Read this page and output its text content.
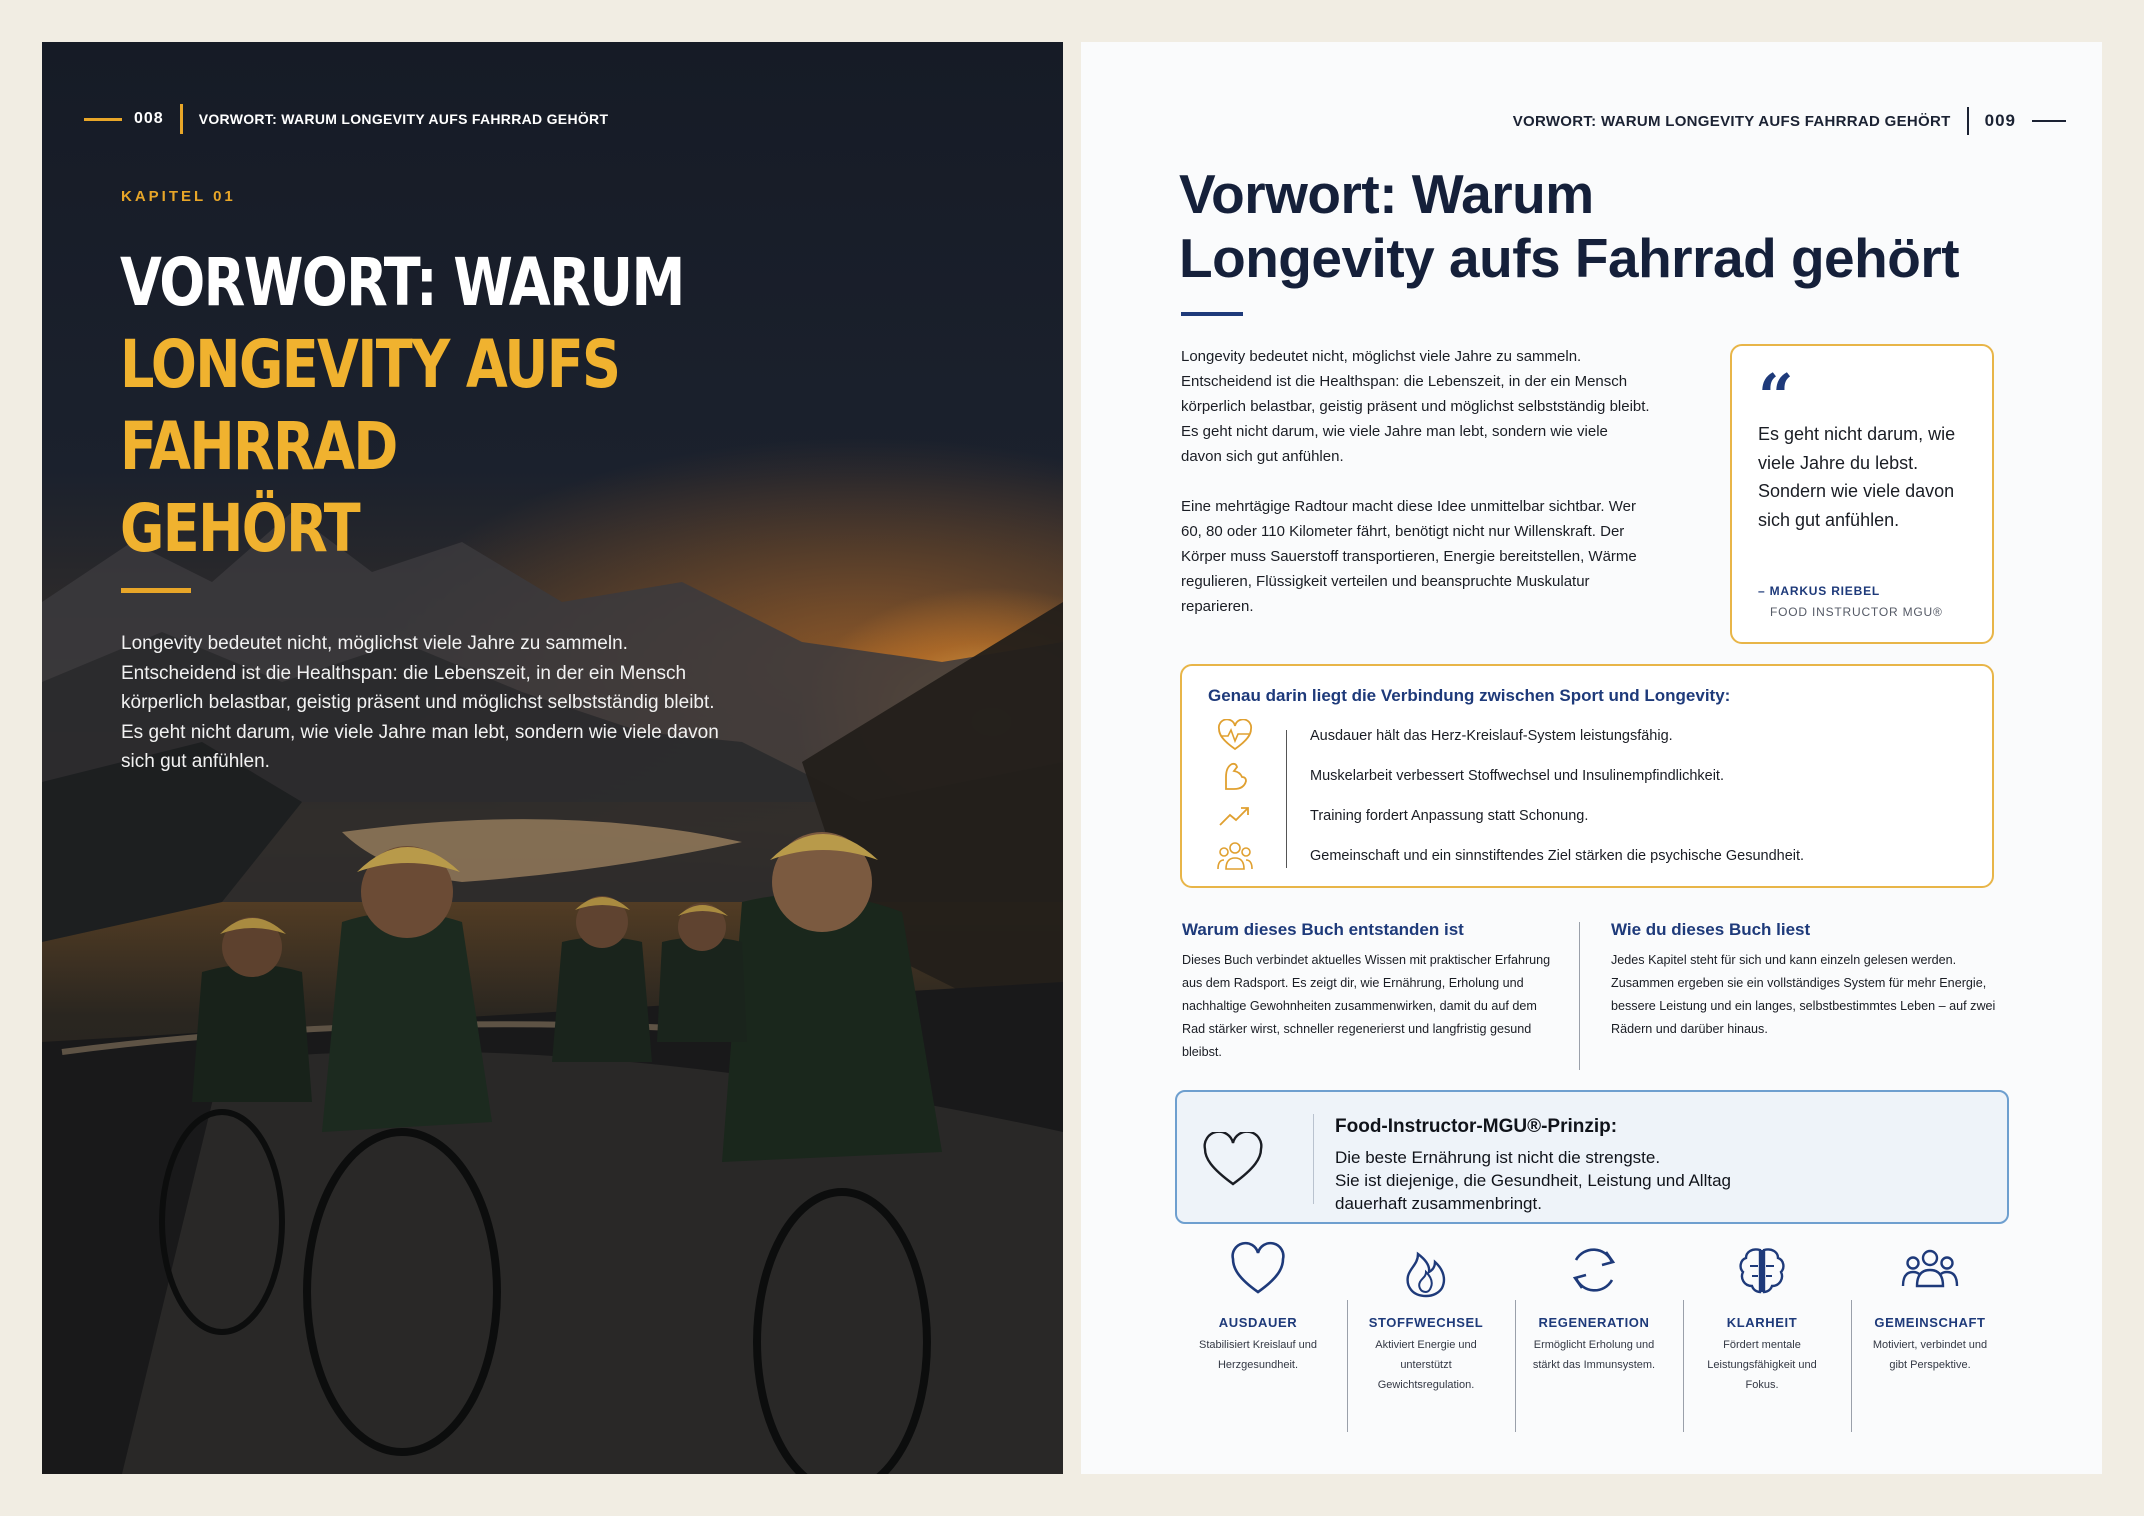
008	VORWORT: WARUM LONGEVITY AUFS FAHRRAD GEHÖRT
KAPITEL 01
VORWORT: WARUM
LONGEVITY AUFS FAHRRAD
GEHÖRT
Longevity bedeutet nicht, möglichst viele Jahre zu sammeln. Entscheidend ist die Healthspan: die Lebenszeit, in der ein Mensch körperlich belastbar, geistig präsent und möglichst selbstständig bleibt. Es geht nicht darum, wie viele Jahre man lebt, sondern wie viele davon sich gut anfühlen.
VORWORT: WARUM LONGEVITY AUFS FAHRRAD GEHÖRT 009
Vorwort: Warum
Longevity aufs Fahrrad gehört

Longevity bedeutet nicht, möglichst viele Jahre zu sammeln. Entscheidend ist die Healthspan: die Lebenszeit, in der ein Mensch körperlich belastbar, geistig präsent und möglichst selbstständig bleibt. Es geht nicht darum, wie viele Jahre man lebt, sondern wie viele davon sich gut anfühlen.

Eine mehrtägige Radtour macht diese Idee unmittelbar sichtbar. Wer 60, 80 oder 110 Kilometer fährt, benötigt nicht nur Willenskraft. Der Körper muss Sauerstoff transportieren, Energie bereitstellen, Wärme regulieren, Flüssigkeit verteilen und beanspruchte Muskulatur reparieren.

“
Es geht nicht darum, wie viele Jahre du lebst. Sondern wie viele davon sich gut anfühlen.
– MARKUS RIEBEL
FOOD INSTRUCTOR MGU®
Genau darin liegt die Verbindung zwischen Sport und Longevity:
Ausdauer hält das Herz-Kreislauf-System leistungsfähig.
Muskelarbeit verbessert Stoffwechsel und Insulinempfindlichkeit.
Training fordert Anpassung statt Schonung.
Gemeinschaft und ein sinnstiftendes Ziel stärken die psychische Gesundheit.
Warum dieses Buch entstanden ist
Dieses Buch verbindet aktuelles Wissen mit praktischer Erfahrung aus dem Radsport. Es zeigt dir, wie Ernährung, Erholung und nachhaltige Gewohnheiten zusammenwirken, damit du auf dem Rad stärker wirst, schneller regenerierst und langfristig gesund bleibst.
Wie du dieses Buch liest
Jedes Kapitel steht für sich und kann einzeln gelesen werden. Zusammen ergeben sie ein vollständiges System für mehr Energie, bessere Leistung und ein langes, selbstbestimmtes Leben – auf zwei Rädern und darüber hinaus.
Food-Instructor-MGU®-Prinzip:
Die beste Ernährung ist nicht die strengste.
Sie ist diejenige, die Gesundheit, Leistung und Alltag
dauerhaft zusammenbringt.
AUSDAUER
Stabilisiert Kreislauf und Herzgesundheit.
STOFFWECHSEL
Aktiviert Energie und unterstützt Gewichtsregulation.
REGENERATION
Ermöglicht Erholung und stärkt das Immunsystem.
KLARHEIT
Fördert mentale Leistungsfähigkeit und Fokus.
GEMEINSCHAFT
Motiviert, verbindet und gibt Perspektive.
